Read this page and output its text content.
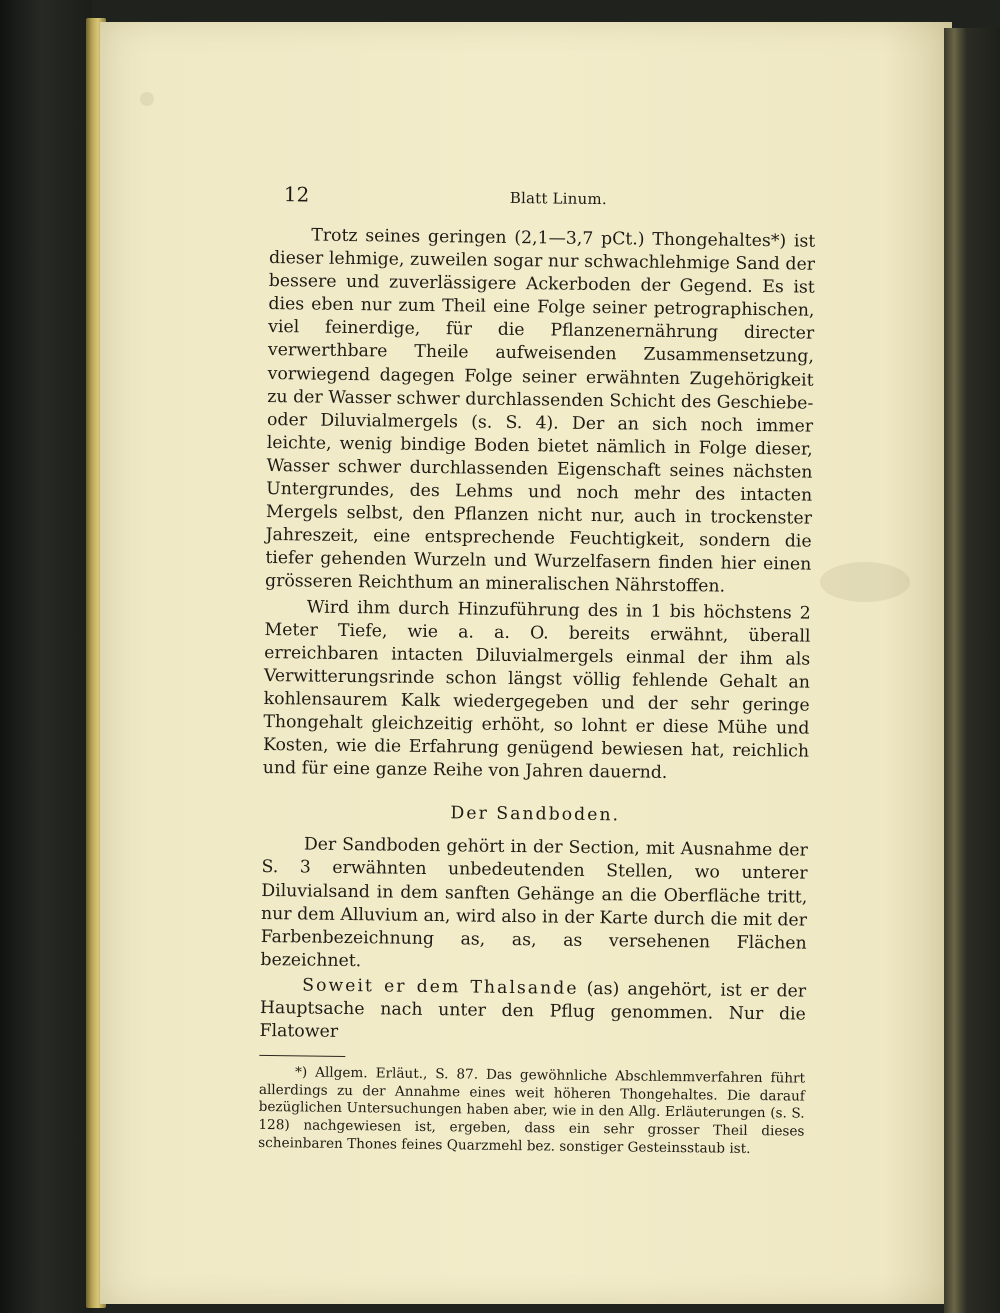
12	Blatt Linum.

Trotz seines geringen (2,1—3,7 pCt.) Thongehaltes*) ist dieser lehmige, zuweilen sogar nur schwachlehmige Sand der bessere und zuverlässigere Ackerboden der Gegend. Es ist dies eben nur zum Theil eine Folge seiner petrographischen, viel feinerdige, für die Pflanzenernährung directer verwerthbare Theile aufweisenden Zusammensetzung, vorwiegend dagegen Folge seiner erwähnten Zugehörigkeit zu der Wasser schwer durchlassenden Schicht des Geschiebe- oder Diluvialmergels (s. S. 4). Der an sich noch immer leichte, wenig bindige Boden bietet nämlich in Folge dieser, Wasser schwer durchlassenden Eigenschaft seines nächsten Untergrundes, des Lehms und noch mehr des intacten Mergels selbst, den Pflanzen nicht nur, auch in trockenster Jahreszeit, eine entsprechende Feuchtigkeit, sondern die tiefer gehenden Wurzeln und Wurzelfasern finden hier einen grösseren Reichthum an mineralischen Nährstoffen.

Wird ihm durch Hinzuführung des in 1 bis höchstens 2 Meter Tiefe, wie a. a. O. bereits erwähnt, überall erreichbaren intacten Diluvialmergels einmal der ihm als Verwitterungsrinde schon längst völlig fehlende Gehalt an kohlensaurem Kalk wiedergegeben und der sehr geringe Thongehalt gleichzeitig erhöht, so lohnt er diese Mühe und Kosten, wie die Erfahrung genügend bewiesen hat, reichlich und für eine ganze Reihe von Jahren dauernd.

Der Sandboden.

Der Sandboden gehört in der Section, mit Ausnahme der S. 3 erwähnten unbedeutenden Stellen, wo unterer Diluvialsand in dem sanften Gehänge an die Oberfläche tritt, nur dem Alluvium an, wird also in der Karte durch die mit der Farbenbezeichnung as, as, as versehenen Flächen bezeichnet.

Soweit er dem Thalsande (as) angehört, ist er der Hauptsache nach unter den Pflug genommen. Nur die Flatower

*) Allgem. Erläut., S. 87. Das gewöhnliche Abschlemmverfahren führt allerdings zu der Annahme eines weit höheren Thongehaltes. Die darauf bezüglichen Untersuchungen haben aber, wie in den Allg. Erläuterungen (s. S. 128) nachgewiesen ist, ergeben, dass ein sehr grosser Theil dieses scheinbaren Thones feines Quarzmehl bez. sonstiger Gesteinsstaub ist.
